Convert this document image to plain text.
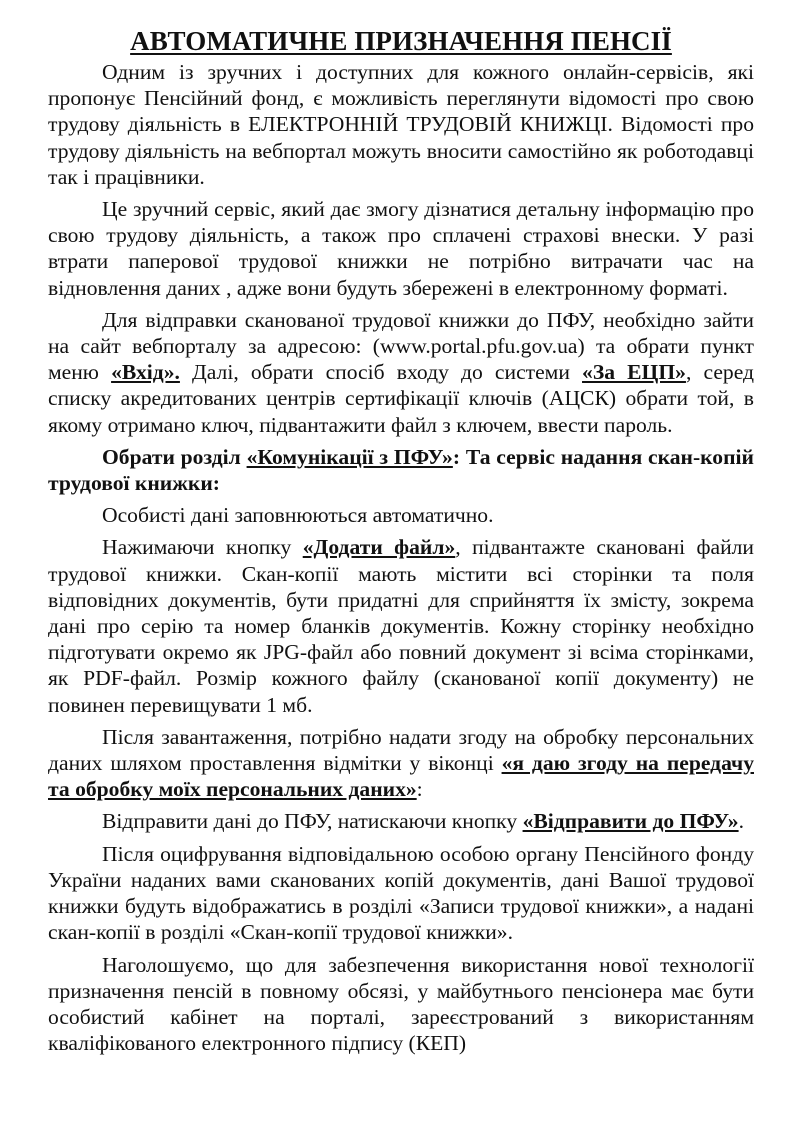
АВТОМАТИЧНЕ ПРИЗНАЧЕННЯ ПЕНСІЇ

Одним із зручних і доступних для кожного онлайн-сервісів, які пропонує Пенсійний фонд, є можливість переглянути відомості про свою трудову діяльність в ЕЛЕКТРОННІЙ ТРУДОВІЙ КНИЖЦІ. Відомості про трудову діяльність на вебпортал можуть вносити самостійно як роботодавці так і працівники.

Це зручний сервіс, який дає змогу дізнатися детальну інформацію про свою трудову діяльність, а також про сплачені страхові внески. У разі втрати паперової трудової книжки не потрібно витрачати час на відновлення даних , адже вони будуть збережені в електронному форматі.

Для відправки сканованої трудової книжки до ПФУ, необхідно зайти на сайт вебпорталу за адресою: (www.portal.pfu.gov.ua) та обрати пункт меню «Вхід». Далі, обрати спосіб входу до системи «За ЕЦП», серед списку акредитованих центрів сертифікації ключів (АЦСК) обрати той, в якому отримано ключ, підвантажити файл з ключем, ввести пароль.

Обрати розділ «Комунікації з ПФУ»: Та сервіс надання скан-копій трудової книжки:

Особисті дані заповнюються автоматично.

Нажимаючи кнопку «Додати файл», підвантажте скановані файли трудової книжки. Скан-копії мають містити всі сторінки та поля відповідних документів, бути придатні для сприйняття їх змісту, зокрема дані про серію та номер бланків документів. Кожну сторінку необхідно підготувати окремо як JPG-файл або повний документ зі всіма сторінками, як PDF-файл. Розмір кожного файлу (сканованої копії документу) не повинен перевищувати 1 мб.

Після завантаження, потрібно надати згоду на обробку персональних даних шляхом проставлення відмітки у віконці «я даю згоду на передачу та обробку моїх персональних даних»:

Відправити дані до ПФУ, натискаючи кнопку «Відправити до ПФУ».

Після оцифрування відповідальною особою органу Пенсійного фонду України наданих вами сканованих копій документів, дані Вашої трудової книжки будуть відображатись в розділі «Записи трудової книжки», а надані скан-копії в розділі «Скан-копії трудової книжки».

Наголошуємо, що для забезпечення використання нової технології призначення пенсій в повному обсязі, у майбутнього пенсіонера має бути особистий кабінет на порталі, зареєстрований з використанням кваліфікованого електронного підпису (КЕП)
